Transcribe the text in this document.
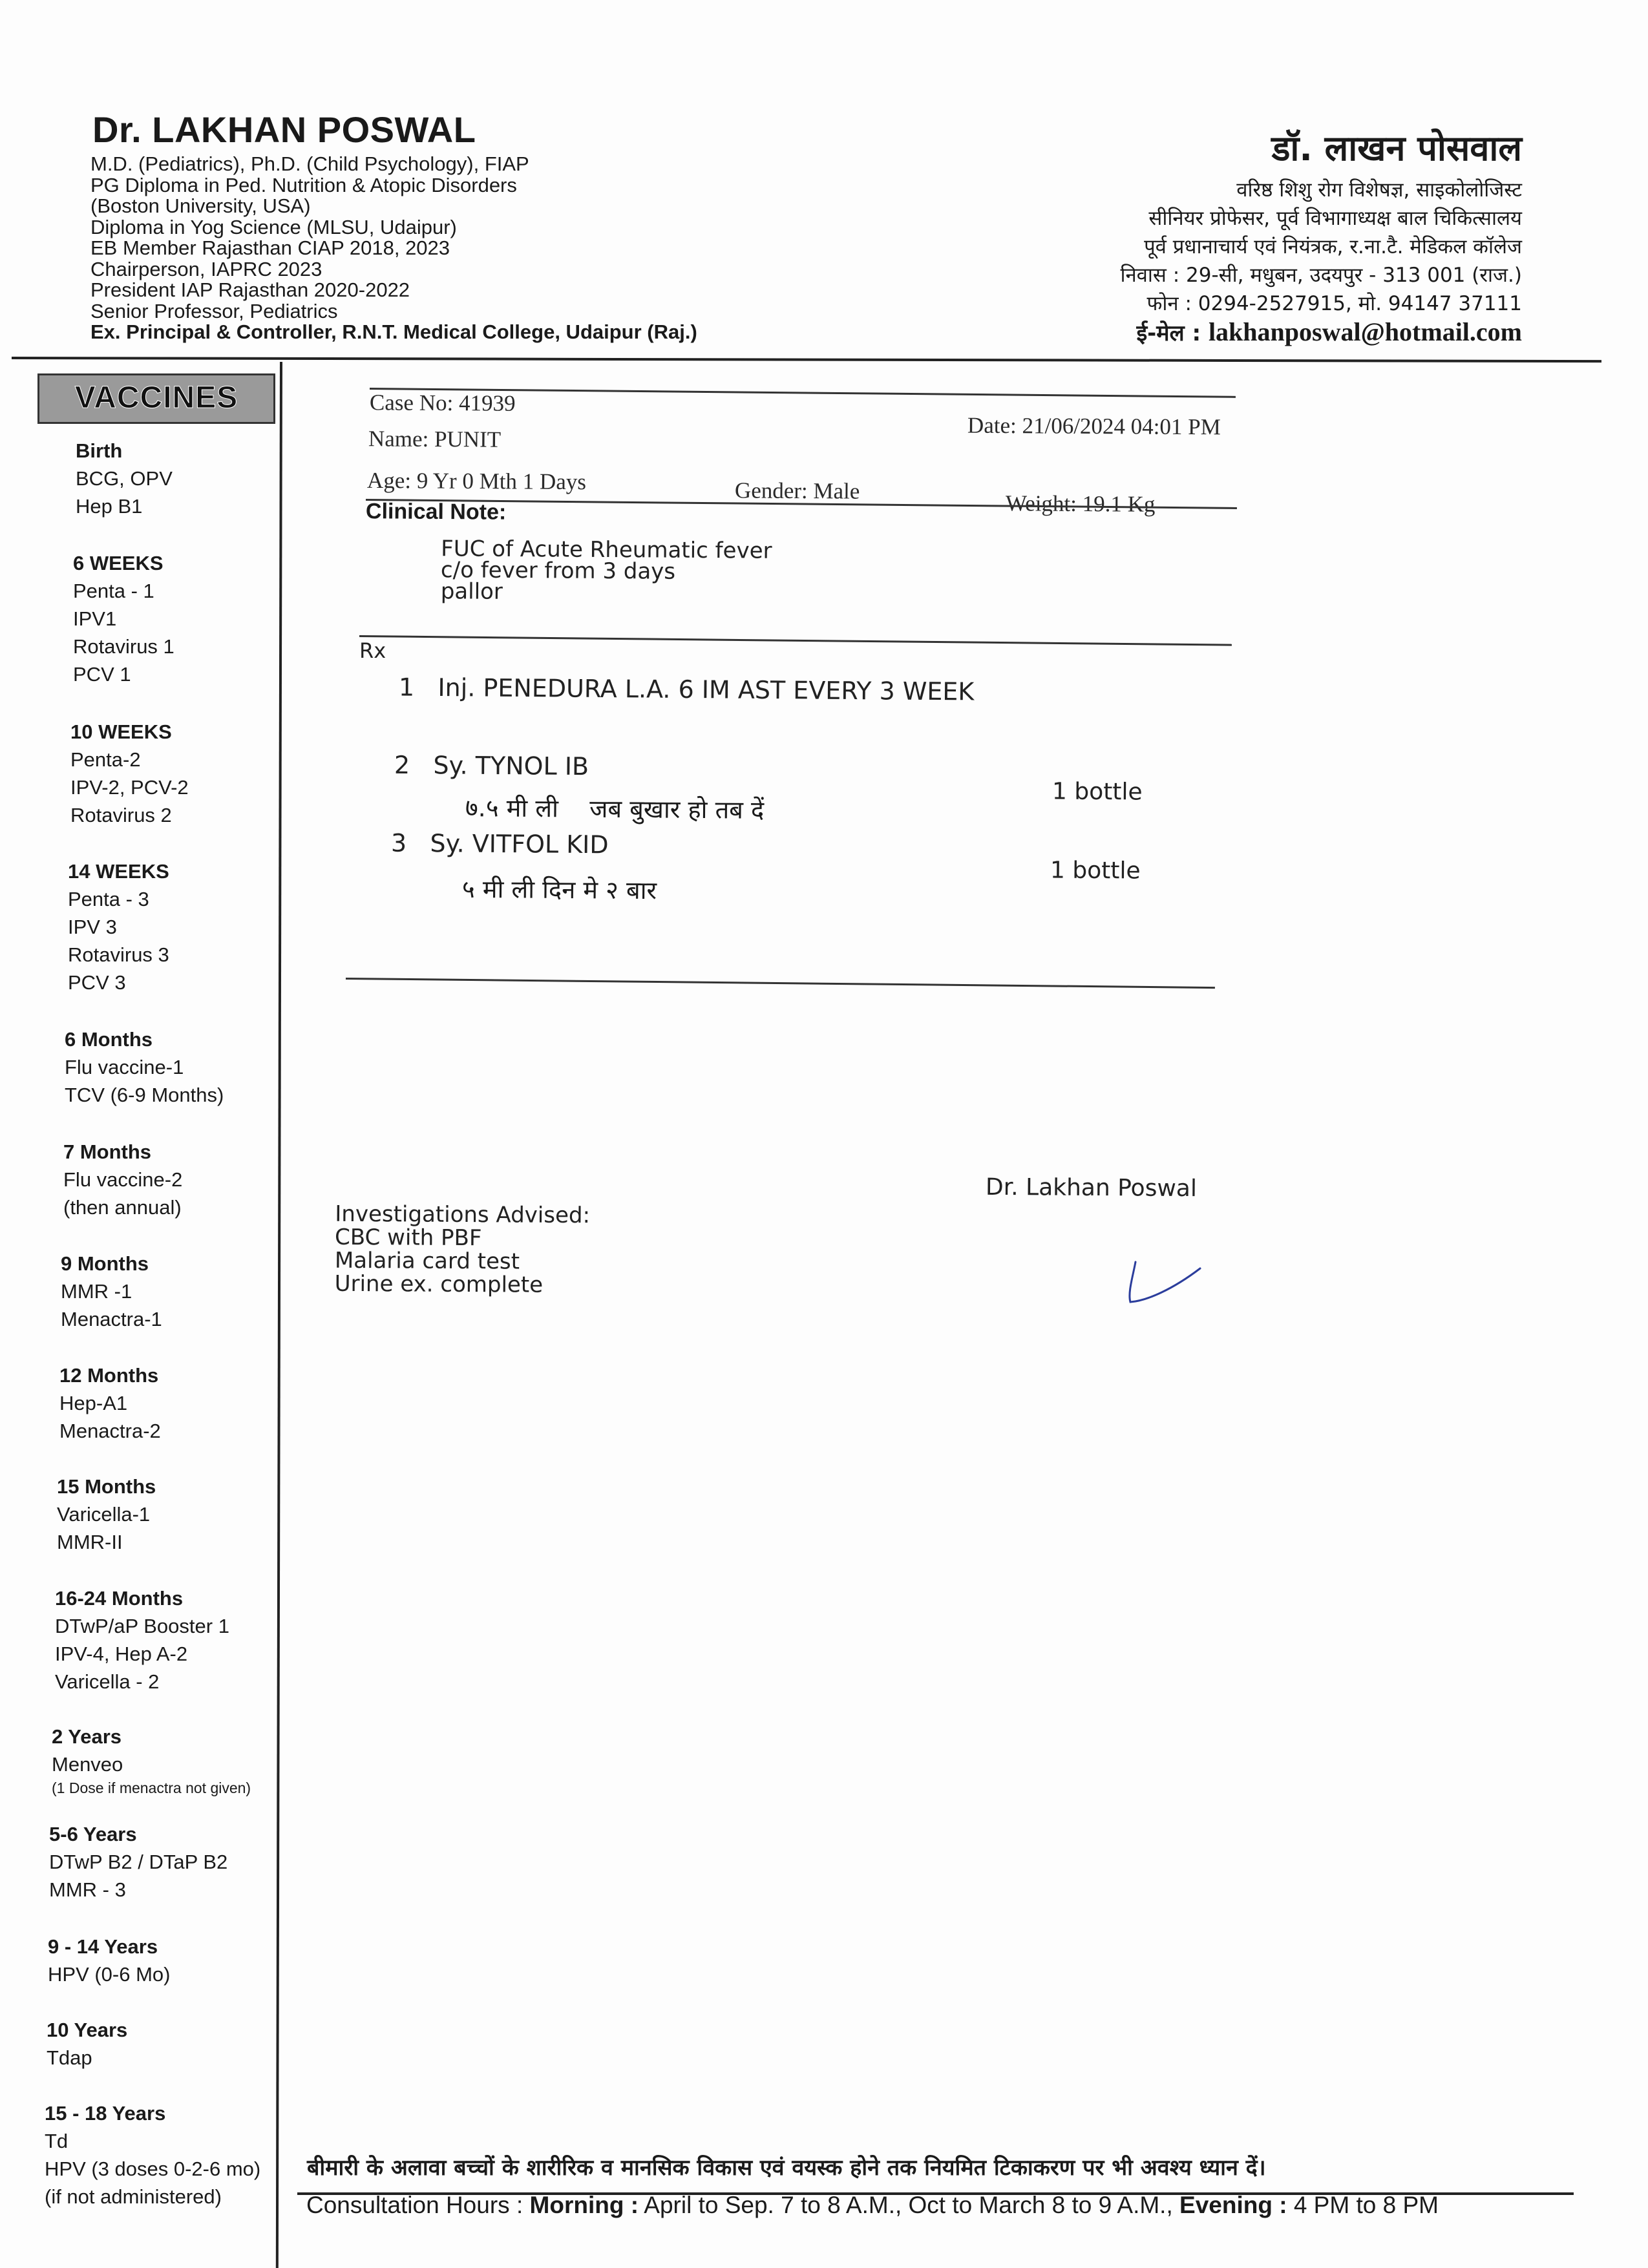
Dr. LAKHAN POSWAL
M.D. (Pediatrics), Ph.D. (Child Psychology), FIAP
PG Diploma in Ped. Nutrition & Atopic Disorders
(Boston University, USA)
Diploma in Yog Science (MLSU, Udaipur)
EB Member Rajasthan CIAP 2018, 2023
Chairperson, IAPRC 2023
President IAP Rajasthan 2020-2022
Senior Professor, Pediatrics
Ex. Principal & Controller, R.N.T. Medical College, Udaipur (Raj.)
डॉ. लाखन पोसवाल
वरिष्ठ शिशु रोग विशेषज्ञ, साइकोलोजिस्ट
सीनियर प्रोफेसर, पूर्व विभागाध्यक्ष बाल चिकित्सालय
पूर्व प्रधानाचार्य एवं नियंत्रक, र.ना.टै. मेडिकल कॉलेज
निवास : 29-सी, मधुबन, उदयपुर - 313 001 (राज.)
फोन : 0294-2527915, मो. 94147 37111
ई-मेल : lakhanposwal@hotmail.com
VACCINES
Birth
BCG, OPV
Hep B1
6 WEEKS
Penta - 1
IPV1
Rotavirus 1
PCV 1
10 WEEKS
Penta-2
IPV-2, PCV-2
Rotavirus 2
14 WEEKS
Penta - 3
IPV 3
Rotavirus 3
PCV 3
6 Months
Flu vaccine-1
TCV (6-9 Months)
7 Months
Flu vaccine-2
(then annual)
9 Months
MMR -1
Menactra-1
12 Months
Hep-A1
Menactra-2
15 Months
Varicella-1
MMR-II
16-24 Months
DTwP/aP Booster 1
IPV-4, Hep A-2
Varicella - 2
2 Years
Menveo
(1 Dose if menactra not given)
5-6 Years
DTwP B2 / DTaP B2
MMR - 3
9 - 14 Years
HPV (0-6 Mo)
10 Years
Tdap
15 - 18 Years
Td
HPV (3 doses 0-2-6 mo)
(if not administered)
Case No: 41939
Name: PUNIT	Date: 21/06/2024 04:01 PM
Age: 9 Yr 0 Mth 1 Days	Gender: Male	Weight: 19.1 Kg
Clinical Note:
FUC of Acute Rheumatic fever
c/o fever from 3 days
pallor
Rx
1 Inj. PENEDURA L.A. 6 IM AST EVERY 3 WEEK
2 Sy. TYNOL IB
७.५ मी ली    जब बुखार हो तब दें
1 bottle
3 Sy. VITFOL KID
५ मी ली दिन मे २ बार
1 bottle
Dr. Lakhan Poswal
Investigations Advised:
CBC with PBF
Malaria card test
Urine ex. complete
बीमारी के अलावा बच्चों के शारीरिक व मानसिक विकास एवं वयस्क होने तक नियमित टिकाकरण पर भी अवश्य ध्यान दें।
Consultation Hours : Morning : April to Sep. 7 to 8 A.M., Oct to March 8 to 9 A.M., Evening : 4 PM to 8 PM
